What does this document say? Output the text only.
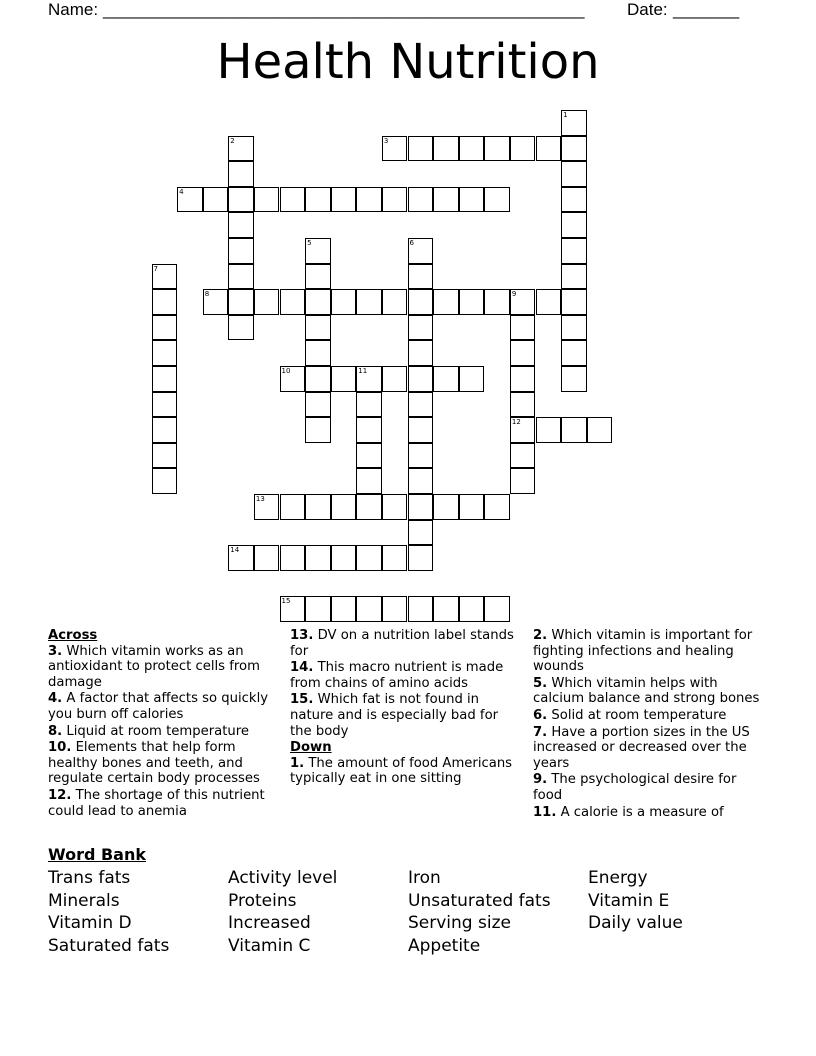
Name: ____________________________________________________	Date: _______
Health Nutrition
1
2	3
4
5	6
7
8	9
12
10	11
13
14
15
Across
3. Which vitamin works as an antioxidant to protect cells from damage
4. A factor that affects so quickly you burn off calories
8. Liquid at room temperature
10. Elements that help form healthy bones and teeth, and regulate certain body processes
12. The shortage of this nutrient could lead to anemia
13. DV on a nutrition label stands for
14. This macro nutrient is made from chains of amino acids
15. Which fat is not found in nature and is especially bad for the body
Down
1. The amount of food Americans typically eat in one sitting
2. Which vitamin is important for fighting infections and healing wounds
5. Which vitamin helps with calcium balance and strong bones
6. Solid at room temperature
7. Have a portion sizes in the US increased or decreased over the years
9. The psychological desire for food
11. A calorie is a measure of
Word Bank
Trans fats
Minerals
Vitamin D
Saturated fats
Activity level
Proteins
Increased
Vitamin C
Iron
Unsaturated fats
Serving size
Appetite
Energy
Vitamin E
Daily value
